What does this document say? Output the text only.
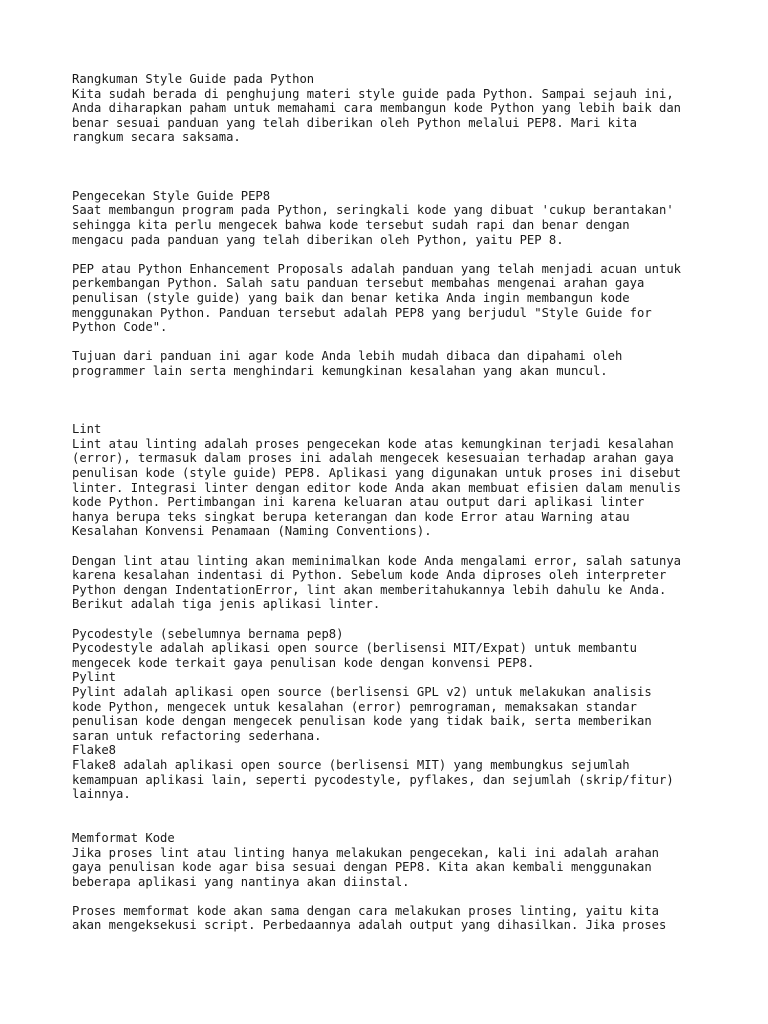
Rangkuman Style Guide pada Python
Kita sudah berada di penghujung materi style guide pada Python. Sampai sejauh ini,
Anda diharapkan paham untuk memahami cara membangun kode Python yang lebih baik dan
benar sesuai panduan yang telah diberikan oleh Python melalui PEP8. Mari kita
rangkum secara saksama.
Pengecekan Style Guide PEP8
Saat membangun program pada Python, seringkali kode yang dibuat 'cukup berantakan'
sehingga kita perlu mengecek bahwa kode tersebut sudah rapi dan benar dengan
mengacu pada panduan yang telah diberikan oleh Python, yaitu PEP 8.
PEP atau Python Enhancement Proposals adalah panduan yang telah menjadi acuan untuk
perkembangan Python. Salah satu panduan tersebut membahas mengenai arahan gaya
penulisan (style guide) yang baik dan benar ketika Anda ingin membangun kode
menggunakan Python. Panduan tersebut adalah PEP8 yang berjudul "Style Guide for
Python Code".
Tujuan dari panduan ini agar kode Anda lebih mudah dibaca dan dipahami oleh
programmer lain serta menghindari kemungkinan kesalahan yang akan muncul.
Lint
Lint atau linting adalah proses pengecekan kode atas kemungkinan terjadi kesalahan
(error), termasuk dalam proses ini adalah mengecek kesesuaian terhadap arahan gaya
penulisan kode (style guide) PEP8. Aplikasi yang digunakan untuk proses ini disebut
linter. Integrasi linter dengan editor kode Anda akan membuat efisien dalam menulis
kode Python. Pertimbangan ini karena keluaran atau output dari aplikasi linter
hanya berupa teks singkat berupa keterangan dan kode Error atau Warning atau
Kesalahan Konvensi Penamaan (Naming Conventions).
Dengan lint atau linting akan meminimalkan kode Anda mengalami error, salah satunya
karena kesalahan indentasi di Python. Sebelum kode Anda diproses oleh interpreter
Python dengan IndentationError, lint akan memberitahukannya lebih dahulu ke Anda.
Berikut adalah tiga jenis aplikasi linter.
Pycodestyle (sebelumnya bernama pep8)
Pycodestyle adalah aplikasi open source (berlisensi MIT/Expat) untuk membantu
mengecek kode terkait gaya penulisan kode dengan konvensi PEP8.
Pylint
Pylint adalah aplikasi open source (berlisensi GPL v2) untuk melakukan analisis
kode Python, mengecek untuk kesalahan (error) pemrograman, memaksakan standar
penulisan kode dengan mengecek penulisan kode yang tidak baik, serta memberikan
saran untuk refactoring sederhana.
Flake8
Flake8 adalah aplikasi open source (berlisensi MIT) yang membungkus sejumlah
kemampuan aplikasi lain, seperti pycodestyle, pyflakes, dan sejumlah (skrip/fitur)
lainnya.
Memformat Kode
Jika proses lint atau linting hanya melakukan pengecekan, kali ini adalah arahan
gaya penulisan kode agar bisa sesuai dengan PEP8. Kita akan kembali menggunakan
beberapa aplikasi yang nantinya akan diinstal.
Proses memformat kode akan sama dengan cara melakukan proses linting, yaitu kita
akan mengeksekusi script. Perbedaannya adalah output yang dihasilkan. Jika proses
